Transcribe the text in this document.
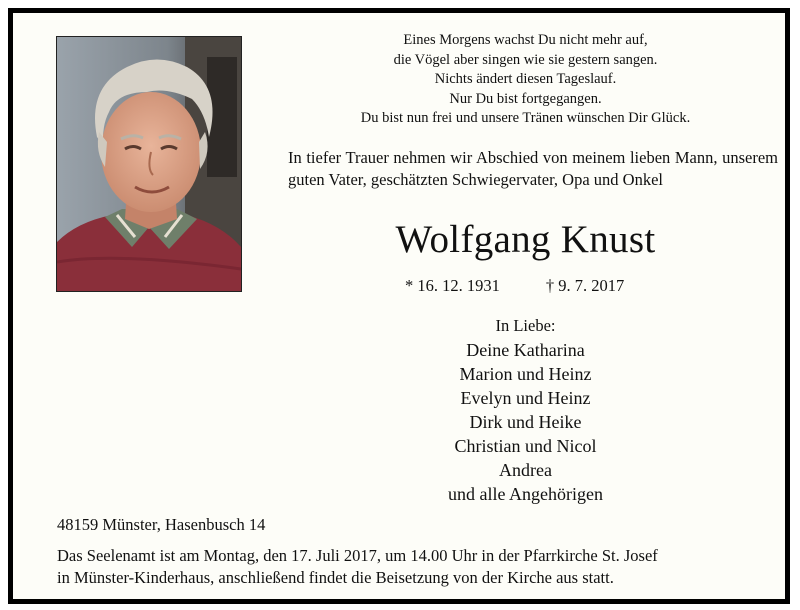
Eines Morgens wachst Du nicht mehr auf,
die Vögel aber singen wie sie gestern sangen.
Nichts ändert diesen Tageslauf.
Nur Du bist fortgegangen.
Du bist nun frei und unsere Tränen wünschen Dir Glück.
In tiefer Trauer nehmen wir Abschied von meinem lieben Mann, unserem guten Vater, geschätzten Schwiegervater, Opa und Onkel
Wolfgang Knust
* 16. 12. 1931	† 9. 7. 2017
In Liebe:
Deine Katharina
Marion und Heinz
Evelyn und Heinz
Dirk und Heike
Christian und Nicol
Andrea
und alle Angehörigen
48159 Münster, Hasenbusch 14
Das Seelenamt ist am Montag, den 17. Juli 2017, um 14.00 Uhr in der Pfarrkirche St. Josef
in Münster-Kinderhaus, anschließend findet die Beisetzung von der Kirche aus statt.
